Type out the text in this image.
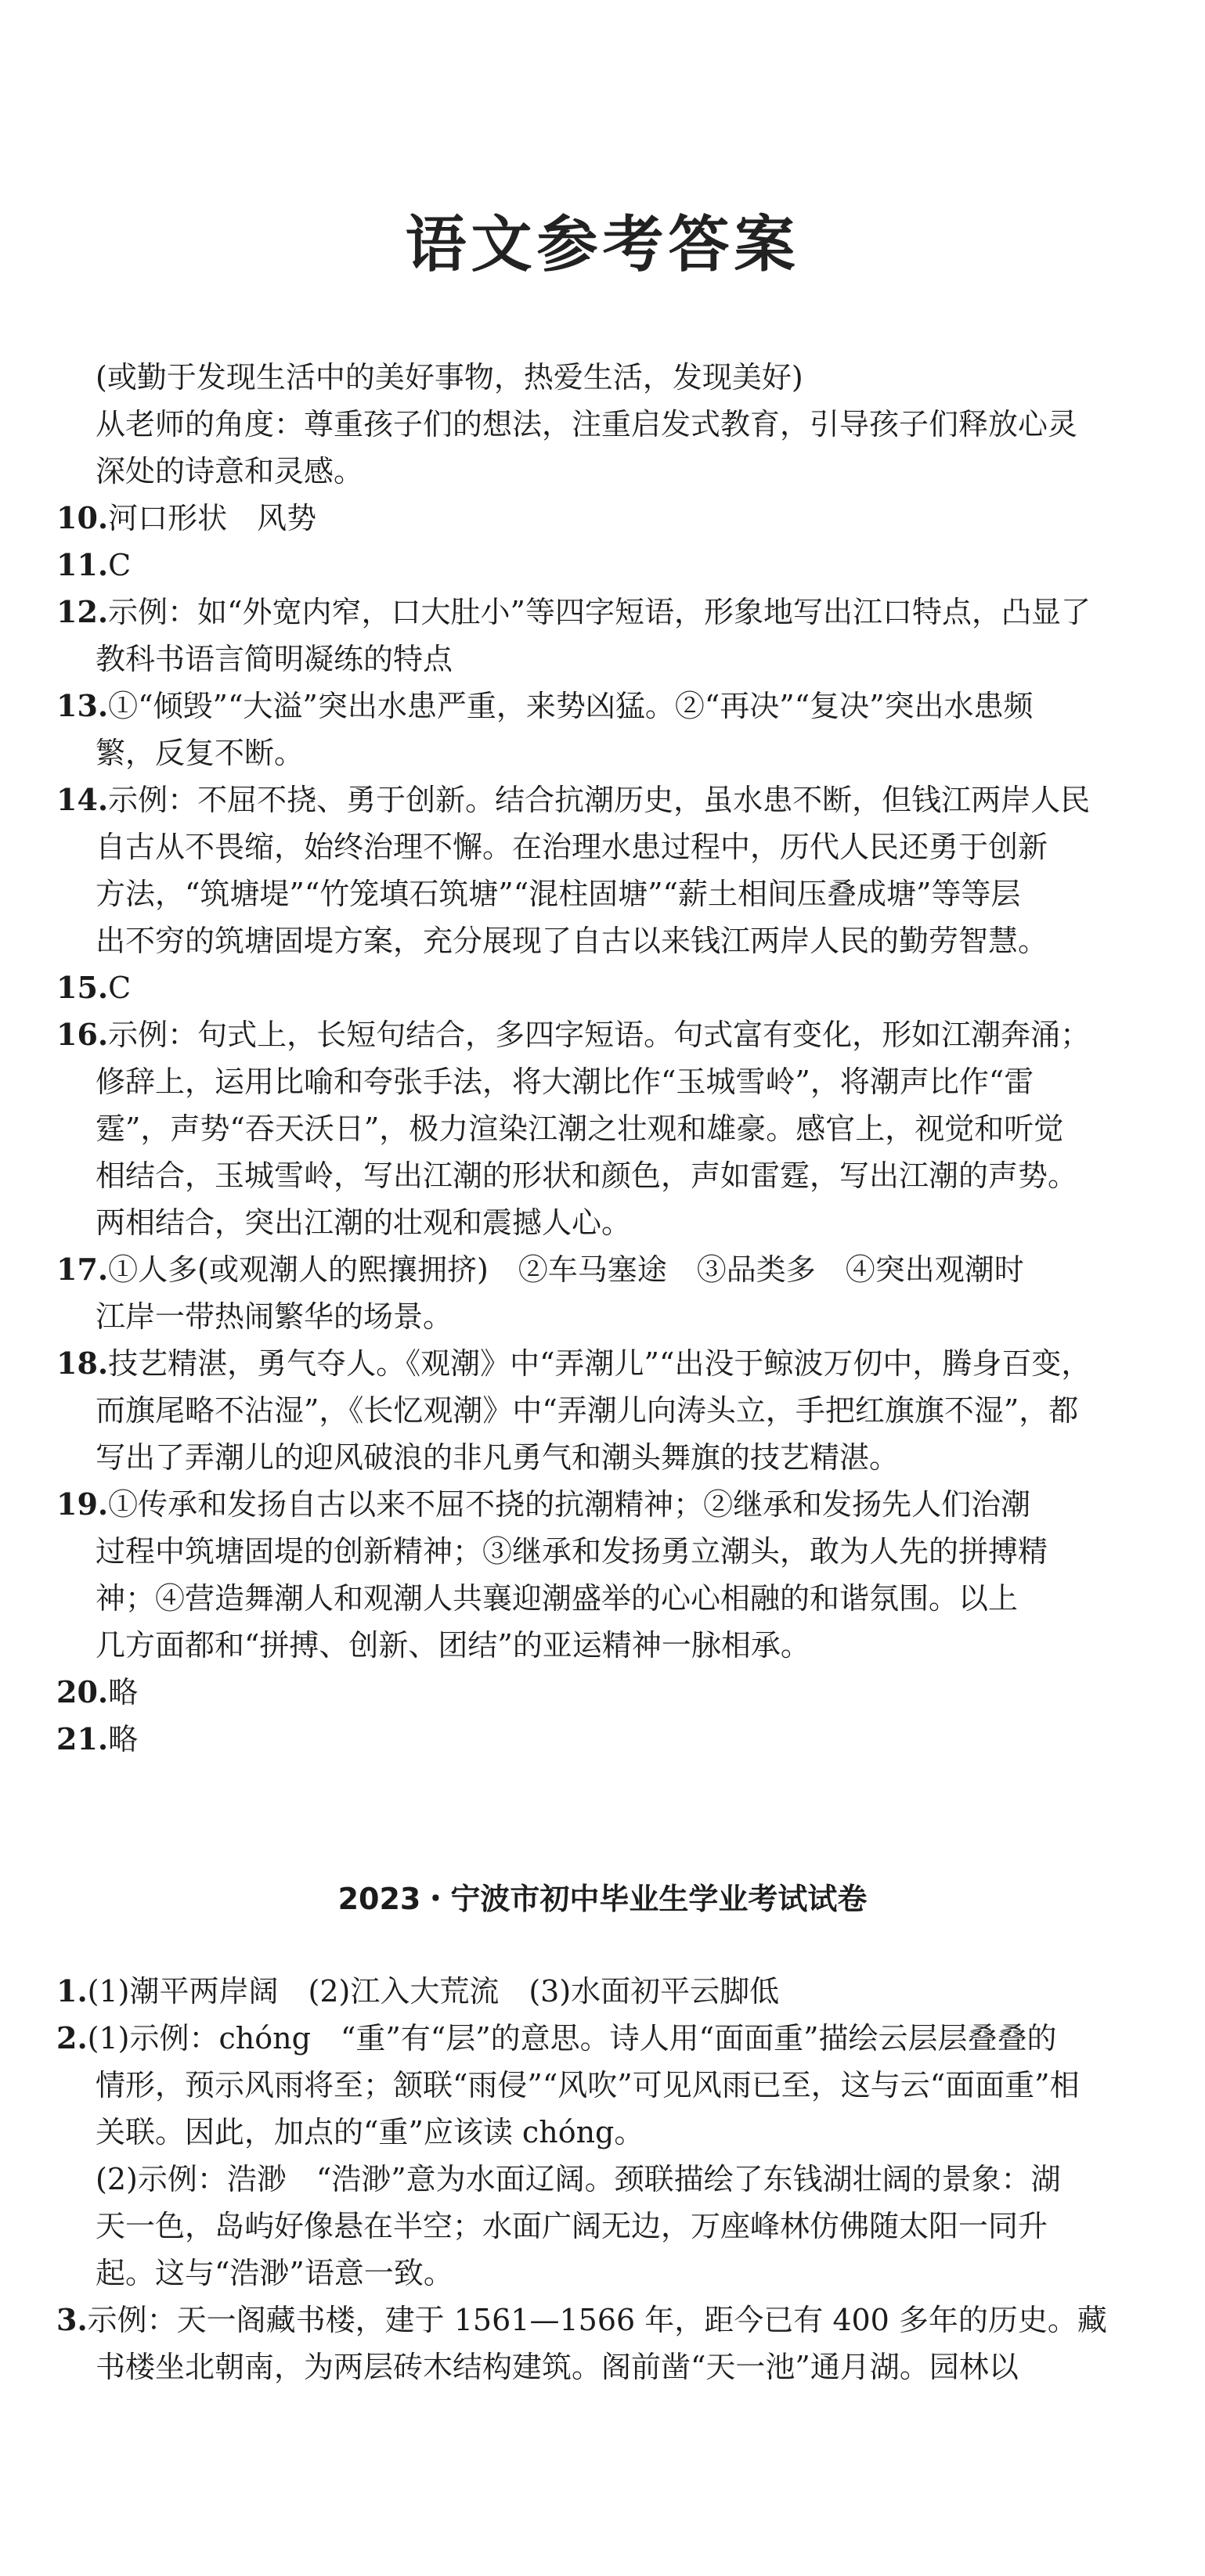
语文参考答案
(或勤于发现生活中的美好事物，热爱生活，发现美好)
从老师的角度：尊重孩子们的想法，注重启发式教育，引导孩子们释放心灵
深处的诗意和灵感。
10.河口形状　风势
11.C
12.示例：如“外宽内窄，口大肚小”等四字短语，形象地写出江口特点，凸显了
教科书语言简明凝练的特点
13.①“倾毁”“大溢”突出水患严重，来势凶猛。②“再决”“复决”突出水患频
繁，反复不断。
14.示例：不屈不挠、勇于创新。结合抗潮历史，虽水患不断，但钱江两岸人民
自古从不畏缩，始终治理不懈。在治理水患过程中，历代人民还勇于创新
方法，“筑塘堤”“竹笼填石筑塘”“混柱固塘”“薪土相间压叠成塘”等等层
出不穷的筑塘固堤方案，充分展现了自古以来钱江两岸人民的勤劳智慧。
15.C
16.示例：句式上，长短句结合，多四字短语。句式富有变化，形如江潮奔涌；
修辞上，运用比喻和夸张手法，将大潮比作“玉城雪岭”，将潮声比作“雷
霆”，声势“吞天沃日”，极力渲染江潮之壮观和雄豪。感官上，视觉和听觉
相结合，玉城雪岭，写出江潮的形状和颜色，声如雷霆，写出江潮的声势。
两相结合，突出江潮的壮观和震撼人心。
17.①人多(或观潮人的熙攘拥挤)　②车马塞途　③品类多　④突出观潮时
江岸一带热闹繁华的场景。
18.技艺精湛，勇气夺人。《观潮》中“弄潮儿”“出没于鲸波万仞中，腾身百变，
而旗尾略不沾湿”，《长忆观潮》中“弄潮儿向涛头立，手把红旗旗不湿”，都
写出了弄潮儿的迎风破浪的非凡勇气和潮头舞旗的技艺精湛。
19.①传承和发扬自古以来不屈不挠的抗潮精神；②继承和发扬先人们治潮
过程中筑塘固堤的创新精神；③继承和发扬勇立潮头，敢为人先的拼搏精
神；④营造舞潮人和观潮人共襄迎潮盛举的心心相融的和谐氛围。以上
几方面都和“拼搏、创新、团结”的亚运精神一脉相承。
20.略
21.略
2023・宁波市初中毕业生学业考试试卷
1.(1)潮平两岸阔　(2)江入大荒流　(3)水面初平云脚低
2.(1)示例：chóng　“重”有“层”的意思。诗人用“面面重”描绘云层层叠叠的
情形，预示风雨将至；颔联“雨侵”“风吹”可见风雨已至，这与云“面面重”相
关联。因此，加点的“重”应该读 chóng。
(2)示例：浩渺　“浩渺”意为水面辽阔。颈联描绘了东钱湖壮阔的景象：湖
天一色，岛屿好像悬在半空；水面广阔无边，万座峰林仿佛随太阳一同升
起。这与“浩渺”语意一致。
3.示例：天一阁藏书楼，建于 1561—1566 年，距今已有 400 多年的历史。藏
书楼坐北朝南，为两层砖木结构建筑。阁前凿“天一池”通月湖。园林以
